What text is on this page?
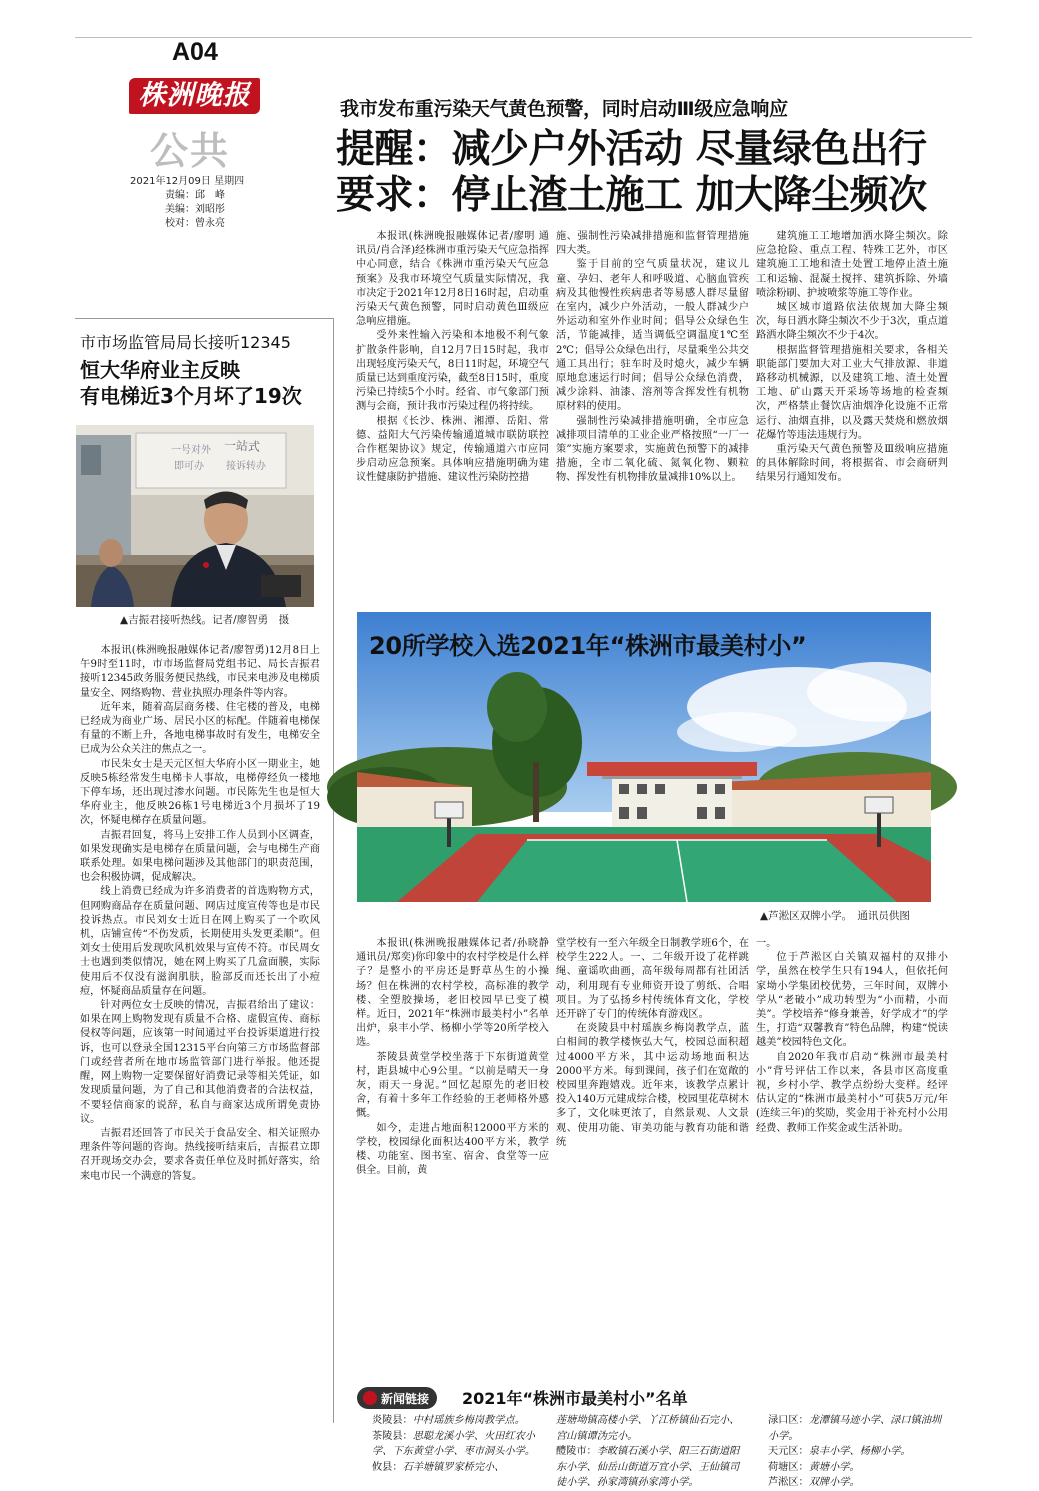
A04
株洲晚报
公共
2021年12月09日 星期四
责编：邱　峰
美编：刘昭彤
校对：曾永亮
我市发布重污染天气黄色预警，同时启动Ⅲ级应急响应
提醒：减少户外活动 尽量绿色出行
要求：停止渣土施工 加大降尘频次

本报讯(株洲晚报融媒体记者/廖明 通讯员/肖合泽)经株洲市重污染天气应急指挥中心同意，结合《株洲市重污染天气应急预案》及我市环境空气质量实际情况，我市决定于2021年12月8日16时起，启动重污染天气黄色预警，同时启动黄色Ⅲ级应急响应措施。

受外来性输入污染和本地极不利气象扩散条件影响，自12月7日15时起，我市出现轻度污染天气，8日11时起，环境空气质量已达到重度污染，截至8日15时，重度污染已持续5个小时。经省、市气象部门预测与会商，预计我市污染过程仍将持续。

根据《长沙、株洲、湘潭、岳阳、常德、益阳大气污染传输通道城市联防联控合作框架协议》规定，传输通道六市应同步启动应急预案。具体响应措施明确为建议性健康防护措施、建议性污染防控措

施、强制性污染减排措施和监督管理措施四大类。

鉴于目前的空气质量状况，建议儿童、孕妇、老年人和呼吸道、心脑血管疾病及其他慢性疾病患者等易感人群尽量留在室内，减少户外活动，一般人群减少户外运动和室外作业时间；倡导公众绿色生活，节能减排，适当调低空调温度1℃至2℃；倡导公众绿色出行，尽量乘坐公共交通工具出行；驻车时及时熄火，减少车辆原地怠速运行时间；倡导公众绿色消费，减少涂料、油漆、溶剂等含挥发性有机物原材料的使用。

强制性污染减排措施明确，全市应急减排项目清单的工业企业严格按照“一厂一策”实施方案要求，实施黄色预警下的减排措施，全市二氧化硫、氮氧化物、颗粒物、挥发性有机物排放量减排10%以上。

建筑施工工地增加洒水降尘频次。除应急抢险、重点工程、特殊工艺外，市区建筑施工工地和渣土处置工地停止渣土施工和运输、混凝土搅拌、建筑拆除、外墙喷涂粉刷、护坡喷浆等施工等作业。

城区城市道路依法依规加大降尘频次，每日洒水降尘频次不少于3次，重点道路洒水降尘频次不少于4次。

根据监督管理措施相关要求，各相关职能部门要加大对工业大气排放源、非道路移动机械源，以及建筑工地、渣土处置工地、矿山露天开采场等场地的检查频次，严格禁止餐饮店油烟净化设施不正常运行、油烟直排，以及露天焚烧和燃放烟花爆竹等违法违规行为。

重污染天气黄色预警及Ⅲ级响应措施的具体解除时间，将根据省、市会商研判结果另行通知发布。

市市场监管局局长接听12345
恒大华府业主反映
有电梯近3个月坏了19次
一站式
一号对外
即可办 接诉转办
▲吉振君接听热线。记者/廖智勇　摄

本报讯(株洲晚报融媒体记者/廖智勇)12月8日上午9时至11时，市市场监督局党组书记、局长吉振君接听12345政务服务便民热线，市民来电涉及电梯质量安全、网络购物、营业执照办理条件等内容。

近年来，随着高层商务楼、住宅楼的普及，电梯已经成为商业广场、居民小区的标配。伴随着电梯保有量的不断上升，各地电梯事故时有发生，电梯安全已成为公众关注的焦点之一。

市民朱女士是天元区恒大华府小区一期业主，她反映5栋经常发生电梯卡人事故，电梯停经负一楼地下停车场，还出现过渗水问题。市民陈先生也是恒大华府业主，他反映26栋1号电梯近3个月损坏了19次，怀疑电梯存在质量问题。

吉振君回复，将马上安排工作人员到小区调查，如果发现确实是电梯存在质量问题，会与电梯生产商联系处理。如果电梯问题涉及其他部门的职责范围，也会积极协调，促成解决。

线上消费已经成为许多消费者的首选购物方式，但网购商品存在质量问题、网店过度宣传等也是市民投诉热点。市民刘女士近日在网上购买了一个吹风机，店铺宣传“不伤发质，长期使用头发更柔顺”。但刘女士使用后发现吹风机效果与宣传不符。市民周女士也遇到类似情况，她在网上购买了几盒面膜，实际使用后不仅没有滋润肌肤，脸部反而还长出了小痘痘，怀疑商品质量存在问题。

针对两位女士反映的情况，吉振君给出了建议：如果在网上购物发现有质量不合格、虚假宣传、商标侵权等问题，应该第一时间通过平台投诉渠道进行投诉，也可以登录全国12315平台向第三方市场监督部门或经营者所在地市场监管部门进行举报。他还提醒，网上购物一定要保留好消费记录等相关凭证，如发现质量问题，为了自己和其他消费者的合法权益，不要轻信商家的说辞，私自与商家达成所谓免责协议。

吉振君还回答了市民关于食品安全、相关证照办理条件等问题的咨询。热线接听结束后，吉振君立即召开现场交办会，要求各责任单位及时抓好落实，给来电市民一个满意的答复。

20所学校入选2021年“株洲市最美村小”
▲芦淞区双牌小学。　通讯员供图

本报讯(株洲晚报融媒体记者/孙晓静 通讯员/郑奕)你印象中的农村学校是什么样子？是整小的平房还是野草丛生的小操场？但在株洲的农村学校，高标准的教学楼、全塑胶操场，老旧校园早已变了模样。近日，2021年“株洲市最美村小”名单出炉，泉丰小学、杨柳小学等20所学校入选。

茶陵县黄堂学校坐落于下东街道黄堂村，距县城中心9公里。“以前是晴天一身灰，雨天一身泥。”回忆起原先的老旧校舍，有着十多年工作经验的王老师格外感慨。

如今，走进占地面积12000平方米的学校，校园绿化面积达400平方米，教学楼、功能室、图书室、宿舍、食堂等一应俱全。目前，黄

堂学校有一至六年级全日制教学班6个，在校学生222人。一、二年级开设了花样跳绳、童谣吹曲画，高年级每周都有社团活动，利用现有专业师资开设了剪纸、合唱项目。为了弘扬乡村传统体育文化，学校还开辟了专门的传统体育游戏区。

在炎陵县中村瑶族乡梅岗教学点，蓝白相间的教学楼恢弘大气，校园总面积超过4000平方米，其中运动场地面积达2000平方米。每到课间，孩子们在宽敞的校园里奔跑嬉戏。近年来，该教学点累计投入140万元建成综合楼，校园里花草树木多了，文化味更浓了，自然景观、人文景观、使用功能、审美功能与教育功能和谐统

一。

位于芦淞区白关镇双福村的双排小学，虽然在校学生只有194人，但依托何家坳小学集团校优势，三年时间，双牌小学从“老破小”成功转型为“小而精，小而美”。学校培养“修身兼善，好学成才”的学生，打造“双馨教育”特色品牌，构建“悦读越美”校园特色文化。

自2020年我市启动“株洲市最美村小”背号评估工作以来，各县市区高度重视，乡村小学、教学点纷纷大变样。经评估认定的“株洲市最美村小”可获5万元/年(连续三年)的奖励，奖金用于补充村小公用经费、教师工作奖金或生活补助。

新闻链接 2021年“株洲市最美村小”名单
炎陵县：中村瑶族乡梅岗教学点。
茶陵县：思聪龙溪小学、火田红农小学、下东黄堂小学、枣市洞头小学。
攸县：石羊塘镇罗家桥完小、
莲塘坳镇高楼小学、丫江桥镇仙石完小、宫山镇谭沩完小。
醴陵市：李畋镇石溪小学、阳三石街道阳东小学、仙岳山街道万宜小学、王仙镇司徒小学、孙家湾镇孙家湾小学。
渌口区：龙潭镇马迹小学、渌口镇油圳小学。
天元区：泉丰小学、杨柳小学。
荷塘区：黄塘小学。
芦淞区：双牌小学。
